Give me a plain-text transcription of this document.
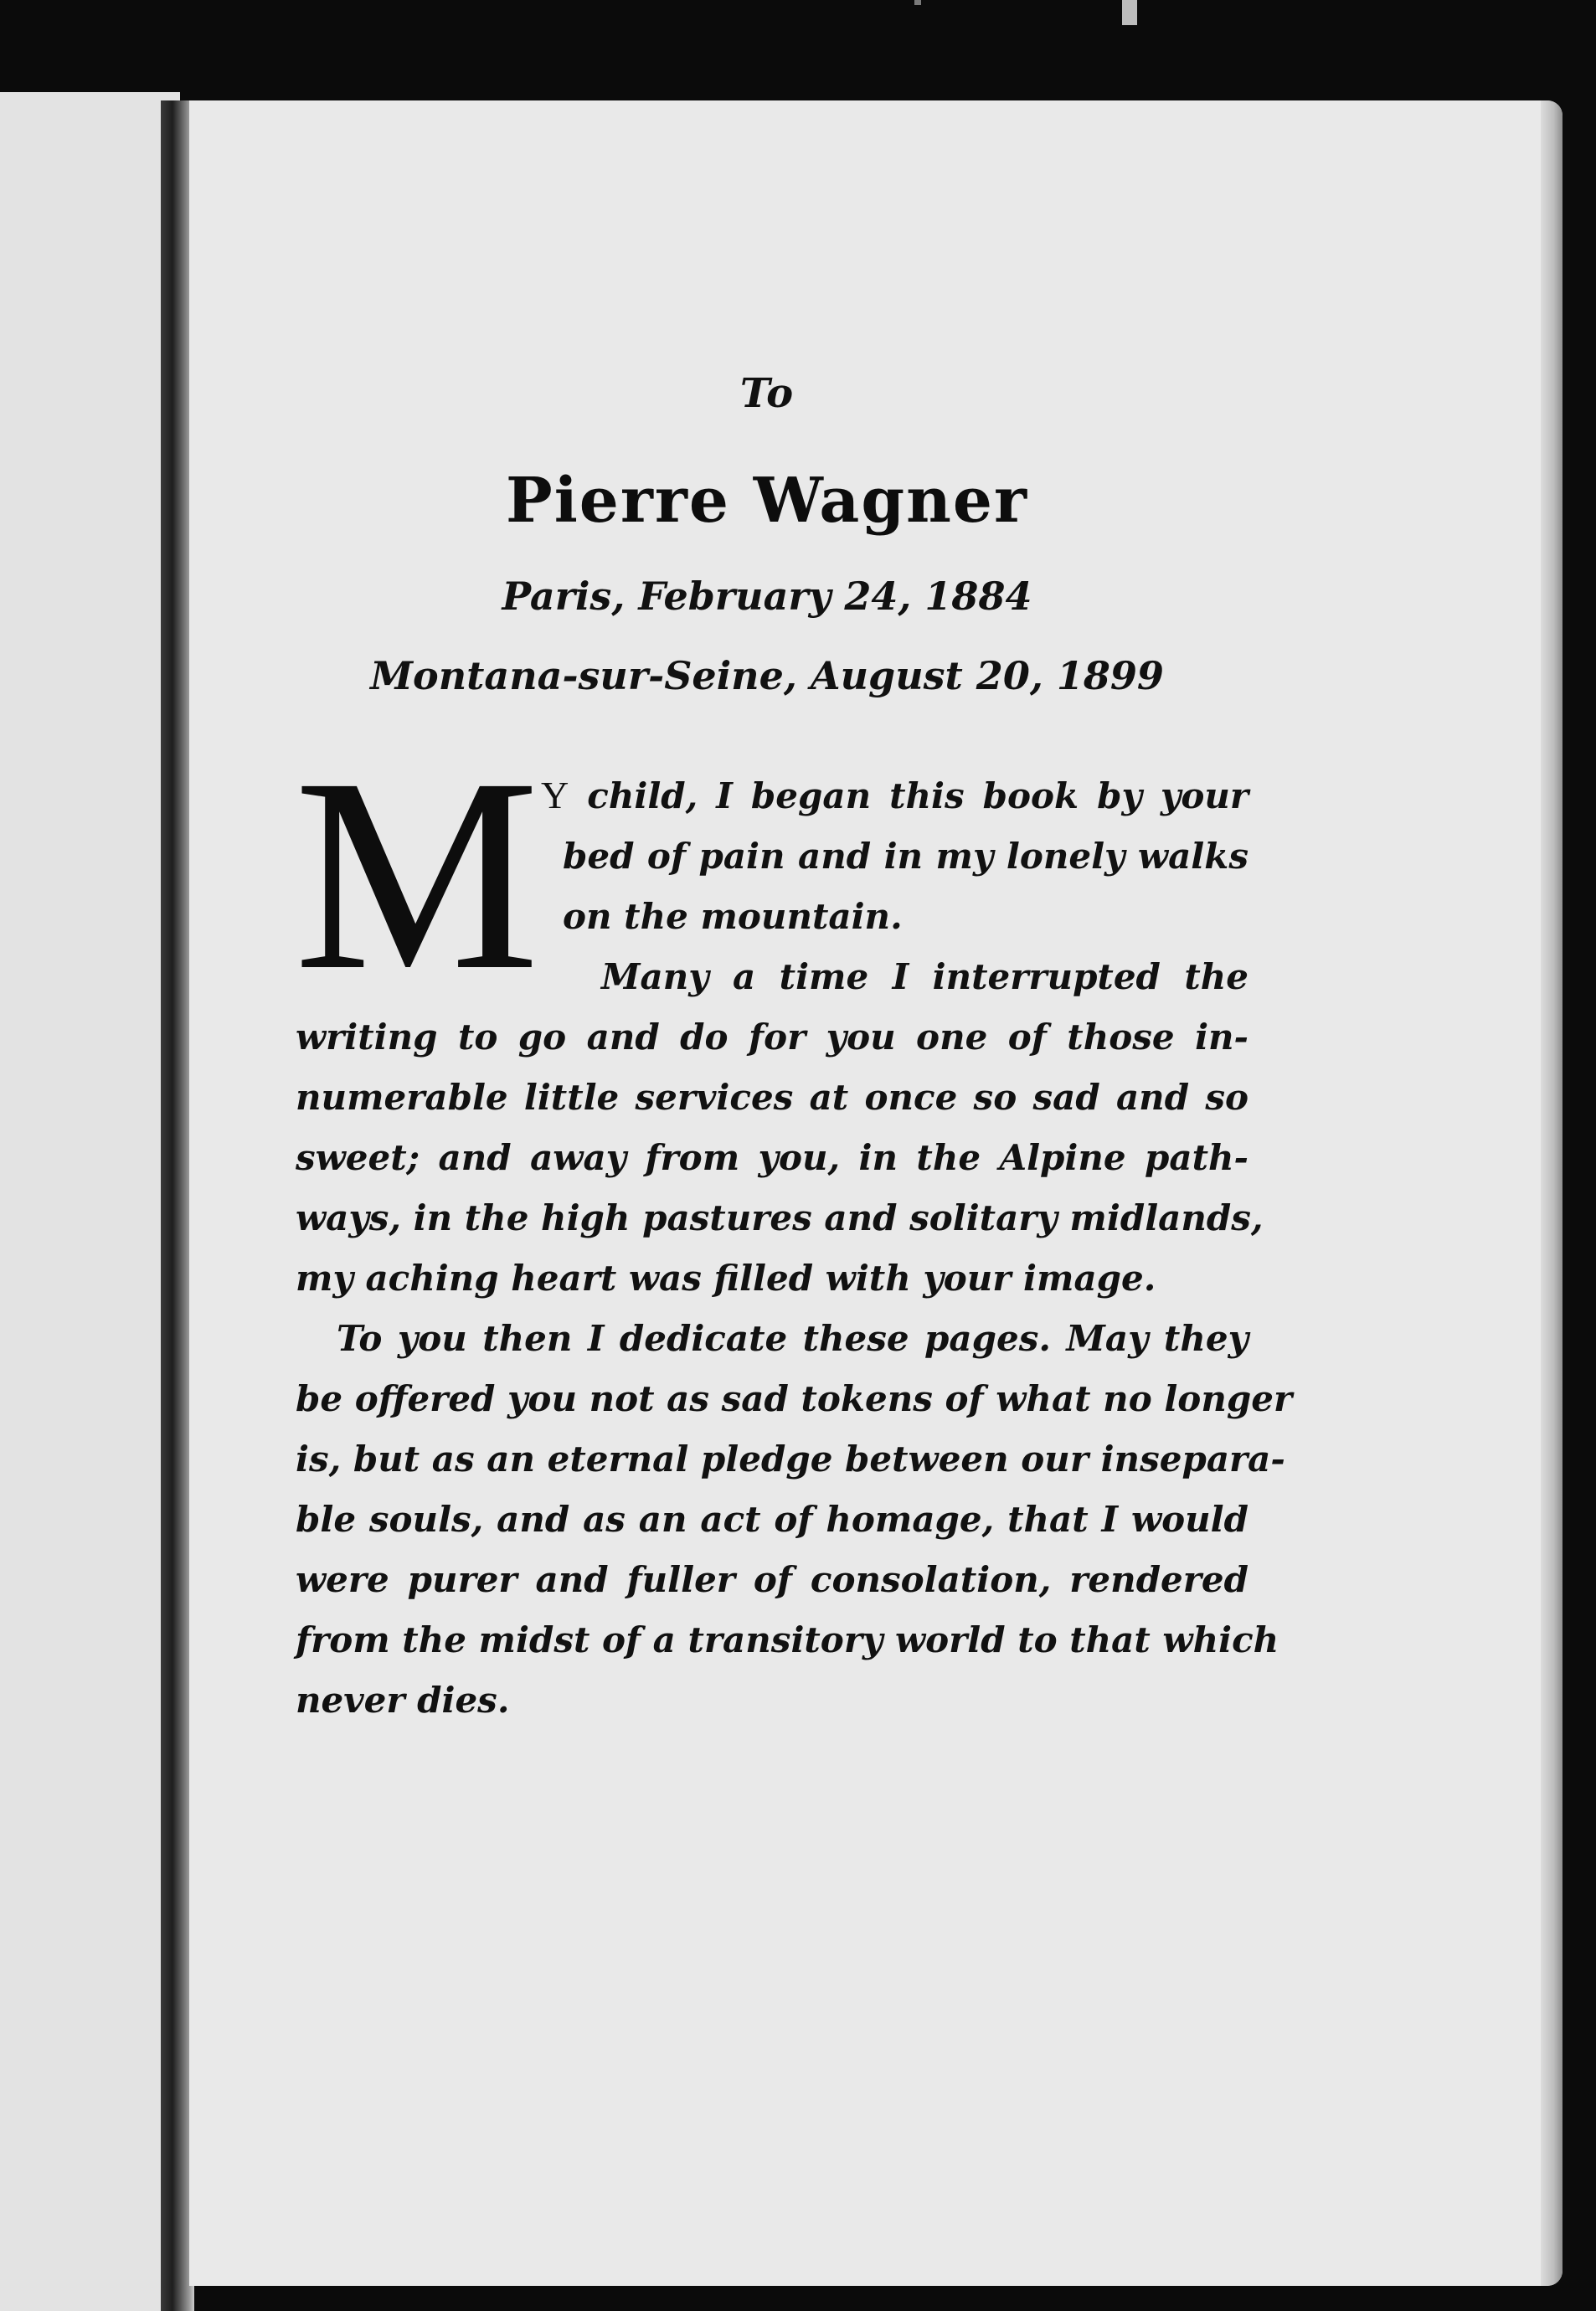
To
Pierre Wagner
Paris, February 24, 1884
Montana-sur-Seine, August 20, 1899
M Y child, I began this book by your
bed of pain and in my lonely walks
on the mountain.
Many a time I interrupted the
writing to go and do for you one of those in-
numerable little services at once so sad and so
sweet; and away from you, in the Alpine path-
ways, in the high pastures and solitary midlands,
my aching heart was filled with your image.
To you then I dedicate these pages. May they
be offered you not as sad tokens of what no longer
is, but as an eternal pledge between our insepara-
ble souls, and as an act of homage, that I would
were purer and fuller of consolation, rendered
from the midst of a transitory world to that which
never dies.
